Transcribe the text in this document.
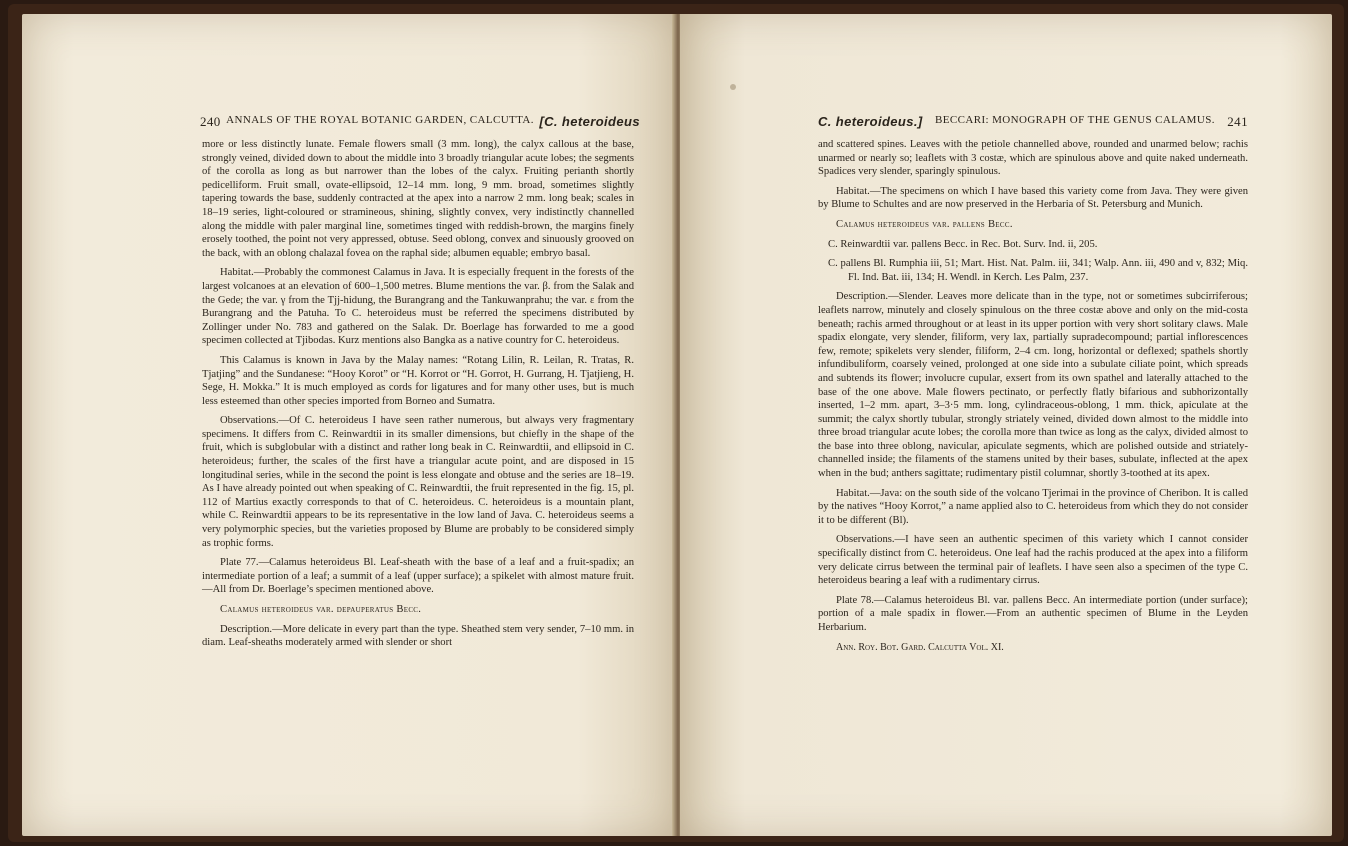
240 ANNALS OF THE ROYAL BOTANIC GARDEN, CALCUTTA. [C. heteroideus

more or less distinctly lunate. Female flowers small (3 mm. long), the calyx callous at the base, strongly veined, divided down to about the middle into 3 broadly triangular acute lobes; the segments of the corolla as long as but narrower than the lobes of the calyx. Fruiting perianth shortly pedicelliform. Fruit small, ovate-ellipsoid, 12–14 mm. long, 9 mm. broad, sometimes slightly tapering towards the base, suddenly contracted at the apex into a narrow 2 mm. long beak; scales in 18–19 series, light-coloured or stramineous, shining, slightly convex, very indistinctly channelled along the middle with paler marginal line, sometimes tinged with reddish-brown, the margins finely erosely toothed, the point not very appressed, obtuse. Seed oblong, convex and sinuously grooved on the back, with an oblong chalazal fovea on the raphal side; albumen equable; embryo basal.

Habitat.—Probably the commonest Calamus in Java. It is especially frequent in the forests of the largest volcanoes at an elevation of 600–1,500 metres. Blume mentions the var. β. from the Salak and the Gede; the var. γ from the Tjj-hidung, the Burangrang and the Tankuwanprahu; the var. ε from the Burangrang and the Patuha. To C. heteroideus must be referred the specimens distributed by Zollinger under No. 783 and gathered on the Salak. Dr. Boerlage has forwarded to me a good specimen collected at Tjibodas. Kurz mentions also Bangka as a native country for C. heteroideus.

This Calamus is known in Java by the Malay names: “Rotang Lilin, R. Leilan, R. Tratas, R. Tjatjing” and the Sundanese: “Hooy Korot” or “H. Korrot or “H. Gorrot, H. Gurrang, H. Tjatjieng, H. Sege, H. Mokka.” It is much employed as cords for ligatures and for many other uses, but is much less esteemed than other species imported from Borneo and Sumatra.

Observations.—Of C. heteroideus I have seen rather numerous, but always very fragmentary specimens. It differs from C. Reinwardtii in its smaller dimensions, but chiefly in the shape of the fruit, which is subglobular with a distinct and rather long beak in C. Reinwardtii, and ellipsoid in C. heteroideus; further, the scales of the first have a triangular acute point, and are disposed in 15 longitudinal series, while in the second the point is less elongate and obtuse and the series are 18–19. As I have already pointed out when speaking of C. Reinwardtii, the fruit represented in the fig. 15, pl. 112 of Martius exactly corresponds to that of C. heteroideus. C. heteroideus is a mountain plant, while C. Reinwardtii appears to be its representative in the low land of Java. C. heteroideus seems a very polymorphic species, but the varieties proposed by Blume are probably to be considered simply as trophic forms.

Plate 77.—Calamus heteroideus Bl. Leaf-sheath with the base of a leaf and a fruit-spadix; an intermediate portion of a leaf; a summit of a leaf (upper surface); a spikelet with almost mature fruit.—All from Dr. Boerlage’s specimen mentioned above.

Calamus heteroideus var. depauperatus Becc.

Description.—More delicate in every part than the type. Sheathed stem very sender, 7–10 mm. in diam. Leaf-sheaths moderately armed with slender or short

C. heteroideus.] BECCARI: MONOGRAPH OF THE GENUS CALAMUS. 241

and scattered spines. Leaves with the petiole channelled above, rounded and unarmed below; rachis unarmed or nearly so; leaflets with 3 costæ, which are spinulous above and quite naked underneath. Spadices very slender, sparingly spinulous.

Habitat.—The specimens on which I have based this variety come from Java. They were given by Blume to Schultes and are now preserved in the Herbaria of St. Petersburg and Munich.

Calamus heteroideus var. pallens Becc.

C. Reinwardtii var. pallens Becc. in Rec. Bot. Surv. Ind. ii, 205.

C. pallens Bl. Rumphia iii, 51; Mart. Hist. Nat. Palm. iii, 341; Walp. Ann. iii, 490 and v, 832; Miq. Fl. Ind. Bat. iii, 134; H. Wendl. in Kerch. Les Palm, 237.

Description.—Slender. Leaves more delicate than in the type, not or sometimes subcirriferous; leaflets narrow, minutely and closely spinulous on the three costæ above and only on the mid-costa beneath; rachis armed throughout or at least in its upper portion with very short solitary claws. Male spadix elongate, very slender, filiform, very lax, partially supradecompound; partial inflorescences few, remote; spikelets very slender, filiform, 2–4 cm. long, horizontal or deflexed; spathels shortly infundibuliform, coarsely veined, prolonged at one side into a subulate ciliate point, which spreads and subtends its flower; involucre cupular, exsert from its own spathel and laterally attached to the base of the one above. Male flowers pectinato, or perfectly flatly bifarious and subhorizontally inserted, 1–2 mm. apart, 3–3·5 mm. long, cylindraceous-oblong, 1 mm. thick, apiculate at the summit; the calyx shortly tubular, strongly striately veined, divided down almost to the middle into three broad triangular acute lobes; the corolla more than twice as long as the calyx, divided almost to the base into three oblong, navicular, apiculate segments, which are polished outside and striately-channelled inside; the filaments of the stamens united by their bases, subulate, inflected at the apex when in the bud; anthers sagittate; rudimentary pistil columnar, shortly 3-toothed at its apex.

Habitat.—Java: on the south side of the volcano Tjerimai in the province of Cheribon. It is called by the natives “Hooy Korrot,” a name applied also to C. heteroideus from which they do not consider it to be different (Bl).

Observations.—I have seen an authentic specimen of this variety which I cannot consider specifically distinct from C. heteroideus. One leaf had the rachis produced at the apex into a filiform very delicate cirrus between the terminal pair of leaflets. I have seen also a specimen of the type C. heteroideus bearing a leaf with a rudimentary cirrus.

Plate 78.—Calamus heteroideus Bl. var. pallens Becc. An intermediate portion (under surface); portion of a male spadix in flower.—From an authentic specimen of Blume in the Leyden Herbarium.

Ann. Roy. Bot. Gard. Calcutta Vol. XI.
